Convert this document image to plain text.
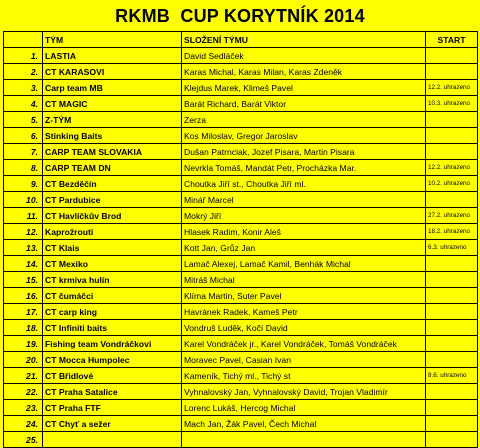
RKMB  CUP KORYTNÍK 2014
	TÝM	SLOŽENÍ TÝMU	START
1.	LASTIA	David Sedláček	
2.	CT KARASOVI	Karas Michal, Karas Milan, Karas Zdeněk	
3.	Carp team MB	Klejdus Marek, Klimeš Pavel	12.2. uhrazeno
4.	CT MAGIC	Barát Richard, Barát Viktor	10.3. uhrazeno
5.	Z-TÝM	Zerza	
6.	Stinking Baits	Kos Miloslav, Gregor Jaroslav	
7.	CARP TEAM SLOVAKIA	Dušan Patrnciak, Jozef Pisara, Martin Pisara	
8.	CARP TEAM DN	Nevrkla Tomáš, Mandát Petr, Procházka Mar.	12.2. uhrazeno
9.	CT Bezděčín	Choutka Jiří st., Choutka Jiří ml.	10.2. uhrazeno
10.	CT Pardubice	Minář Marcel	
11.	CT Havlíčkův Brod	Mokrý Jiří	27.2. uhrazeno
12.	Kaprožrouti	Hlasek Radim, Konir Aleš	18.2. uhrazeno
13.	CT Klais	Kott Jan, Grůz Jan	6.3. uhrazeno
14.	CT Mexiko	Lamač Alexej, Lamač Kamil, Benhák Michal	
15.	CT krmiva hulín	Mitráš Michal	
16.	CT čumáčci	Klíma Martin, Suter Pavel	
17.	CT carp king	Havránek Radek, Kameš Petr	
18.	CT Infiniti baits	Vondruš Luděk, Kočí David	
19.	Fishing team Vondráčkovi	Karel Vondráček jr., Karel Vondráček, Tomáš Vondráček	
20.	CT Mocca Humpolec	Moravec Pavel, Casian Ivan	
21.	CT Břidlové	Kameník, Tichý ml., Tichý st	8.6. uhrazeno
22.	CT Praha Satalice	Vyhnalovský Jan, Vyhnalovský David, Trojan Vladimír	
23.	CT Praha FTF	Lorenc Lukáš, Hercog Michal	
24.	CT Chyť a sežer	Mach Jan, Žák Pavel, Čech Michal	
25.			
